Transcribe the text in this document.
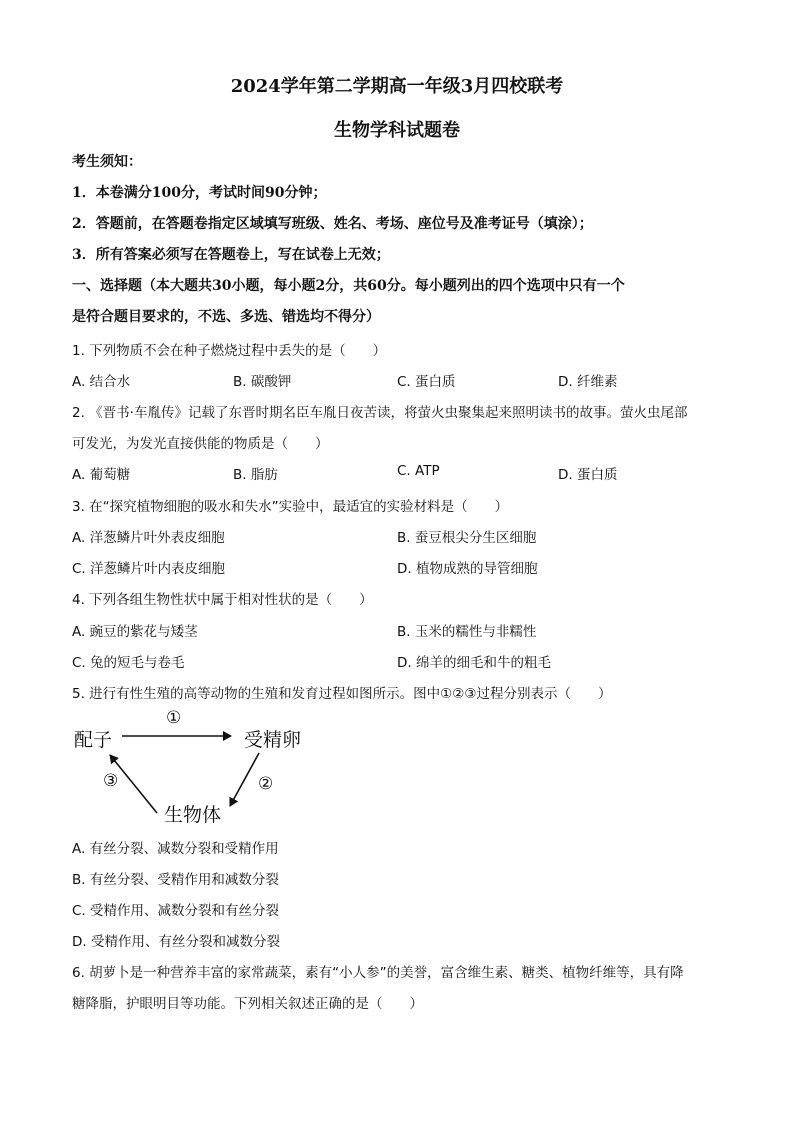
2024学年第二学期高一年级3月四校联考
生物学科试题卷
考生须知：
1．本卷满分100分，考试时间90分钟；
2．答题前，在答题卷指定区域填写班级、姓名、考场、座位号及准考证号（填涂）；
3．所有答案必须写在答题卷上，写在试卷上无效；
一、选择题（本大题共30小题，每小题2分，共60分。每小题列出的四个选项中只有一个
是符合题目要求的，不选、多选、错选均不得分）
1. 下列物质不会在种子燃烧过程中丢失的是（　　）
A. 结合水	B. 碳酸钾	C. 蛋白质	D. 纤维素
2. 《晋书·车胤传》记载了东晋时期名臣车胤日夜苦读，将萤火虫聚集起来照明读书的故事。萤火虫尾部
可发光，为发光直接供能的物质是（　　）
A. 葡萄糖	B. 脂肪	C. ATP	D. 蛋白质
3. 在“探究植物细胞的吸水和失水”实验中，最适宜的实验材料是（　　）
A. 洋葱鳞片叶外表皮细胞	B. 蚕豆根尖分生区细胞
C. 洋葱鳞片叶内表皮细胞	D. 植物成熟的导管细胞
4. 下列各组生物性状中属于相对性状的是（　　）
A. 豌豆的紫花与矮茎	B. 玉米的糯性与非糯性
C. 兔的短毛与卷毛	D. 绵羊的细毛和牛的粗毛
5. 进行有性生殖的高等动物的生殖和发育过程如图所示。图中①②③过程分别表示（　　）
配子	受精卵
生物体
①
②
③
A. 有丝分裂、减数分裂和受精作用
B. 有丝分裂、受精作用和减数分裂
C. 受精作用、减数分裂和有丝分裂
D. 受精作用、有丝分裂和减数分裂
6. 胡萝卜是一种营养丰富的家常蔬菜，素有“小人参”的美誉，富含维生素、糖类、植物纤维等，具有降
糖降脂，护眼明目等功能。下列相关叙述正确的是（　　）
